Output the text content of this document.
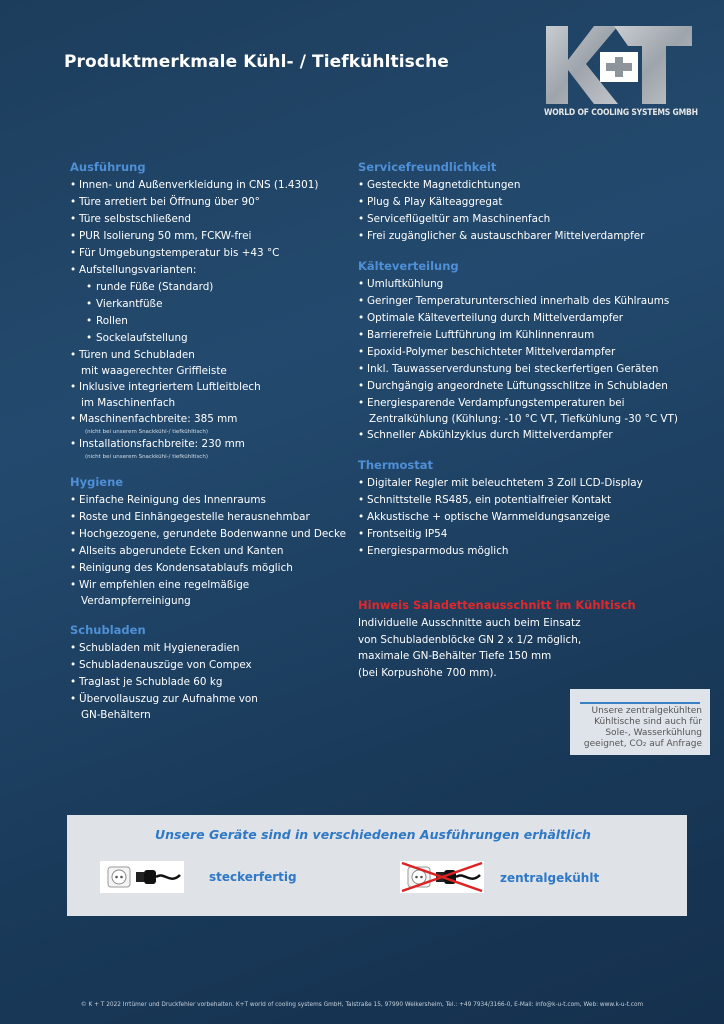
Produktmerkmale Kühl- / Tiefkühltische
WORLD OF COOLING SYSTEMS GMBH
Ausführung
• Innen- und Außenverkleidung in CNS (1.4301)
• Türe arretiert bei Öffnung über 90°
• Türe selbstschließend
• PUR Isolierung 50 mm, FCKW-frei
• Für Umgebungstemperatur bis +43 °C
• Aufstellungsvarianten:
• runde Füße (Standard)
• Vierkantfüße
• Rollen
• Sockelaufstellung
• Türen und Schubladen
mit waagerechter Griffleiste
• Inklusive integriertem Luftleitblech
im Maschinenfach
• Maschinenfachbreite: 385 mm
(nicht bei unserem Snackkühl-/ tiefkühltisch)
• Installationsfachbreite: 230 mm
(nicht bei unserem Snackkühl-/ tiefkühltisch)
Hygiene
• Einfache Reinigung des Innenraums
• Roste und Einhängegestelle herausnehmbar
• Hochgezogene, gerundete Bodenwanne und Decke
• Allseits abgerundete Ecken und Kanten
• Reinigung des Kondensatablaufs möglich
• Wir empfehlen eine regelmäßige
Verdampferreinigung
Schubladen
• Schubladen mit Hygieneradien
• Schubladenauszüge von Compex
• Traglast je Schublade 60 kg
• Übervollauszug zur Aufnahme von
GN-Behältern
Servicefreundlichkeit
• Gesteckte Magnetdichtungen
• Plug & Play Kälteaggregat
• Serviceflügeltür am Maschinenfach
• Frei zugänglicher & austauschbarer Mittelverdampfer
Kälteverteilung
• Umluftkühlung
• Geringer Temperaturunterschied innerhalb des Kühlraums
• Optimale Kälteverteilung durch Mittelverdampfer
• Barrierefreie Luftführung im Kühlinnenraum
• Epoxid-Polymer beschichteter Mittelverdampfer
• Inkl. Tauwasserverdunstung bei steckerfertigen Geräten
• Durchgängig angeordnete Lüftungsschlitze in Schubladen
• Energiesparende Verdampfungstemperaturen bei
Zentralkühlung (Kühlung: -10 °C VT, Tiefkühlung -30 °C VT)
• Schneller Abkühlzyklus durch Mittelverdampfer
Thermostat
• Digitaler Regler mit beleuchtetem 3 Zoll LCD-Display
• Schnittstelle RS485, ein potentialfreier Kontakt
• Akkustische + optische Warnmeldungsanzeige
• Frontseitig IP54
• Energiesparmodus möglich
Hinweis Saladettenausschnitt im Kühltisch
Individuelle Ausschnitte auch beim Einsatz
von Schubladenblöcke GN 2 x 1/2 möglich,
maximale GN-Behälter Tiefe 150 mm
(bei Korpushöhe 700 mm).
Unsere zentralgekühlten
Kühltische sind auch für
Sole-, Wasserkühlung
geeignet, CO₂ auf Anfrage
Unsere Geräte sind in verschiedenen Ausführungen erhältlich
steckerfertig	zentralgekühlt
© K + T 2022 Irrtümer und Druckfehler vorbehalten. K+T world of cooling systems GmbH, Talstraße 15, 97990 Weikersheim, Tel.: +49 7934/3166-0, E-Mail: info@k-u-t.com, Web: www.k-u-t.com
